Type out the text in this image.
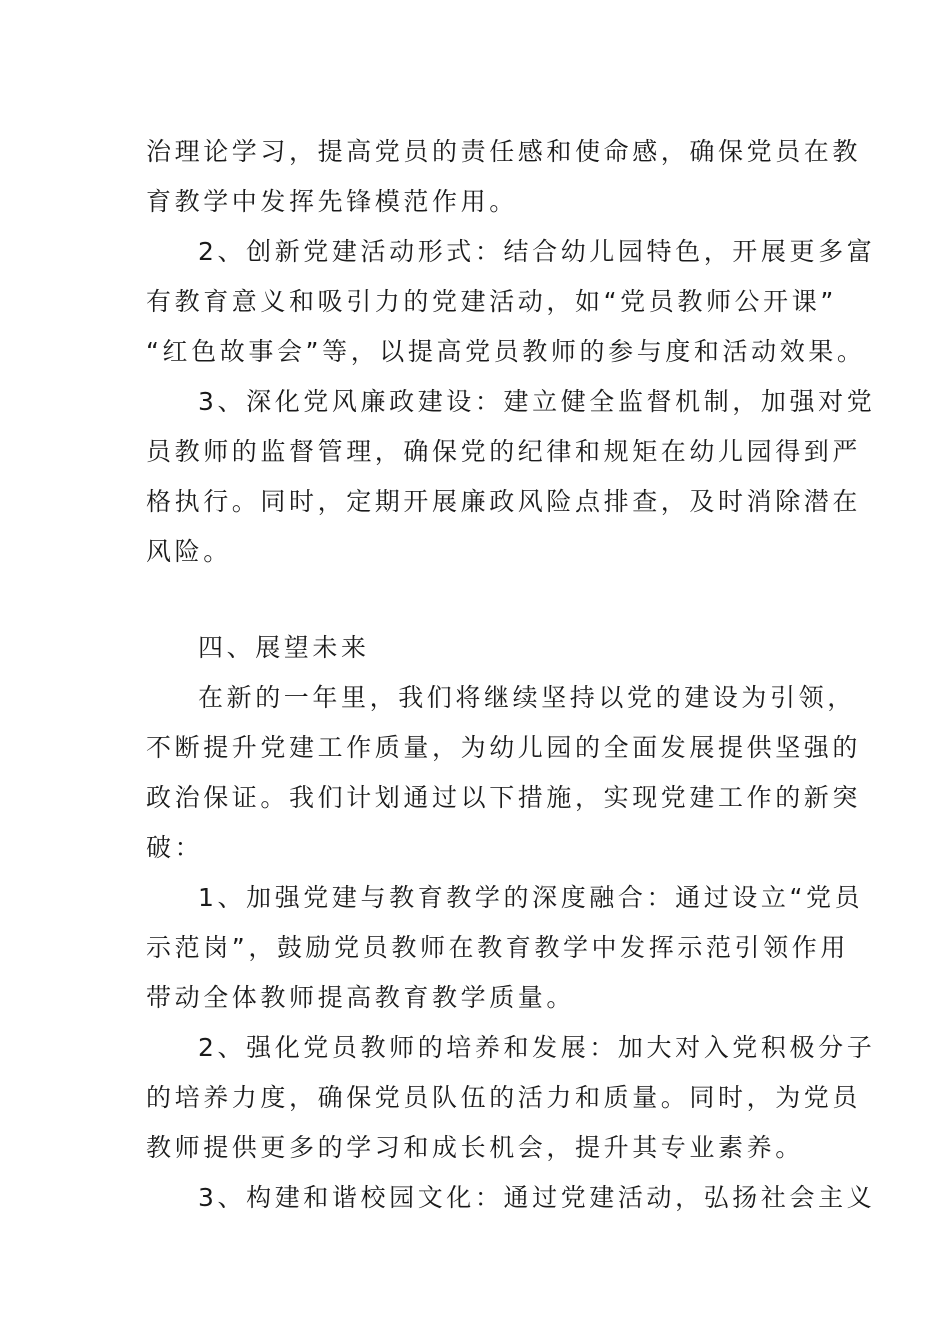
治理论学习，提高党员的责任感和使命感，确保党员在教
育教学中发挥先锋模范作用。
2、创新党建活动形式：结合幼儿园特色，开展更多富
有教育意义和吸引力的党建活动，如“党员教师公开课”
“红色故事会”等，以提高党员教师的参与度和活动效果。
3、深化党风廉政建设：建立健全监督机制，加强对党
员教师的监督管理，确保党的纪律和规矩在幼儿园得到严
格执行。同时，定期开展廉政风险点排查，及时消除潜在
风险。
四、展望未来
在新的一年里，我们将继续坚持以党的建设为引领，
不断提升党建工作质量，为幼儿园的全面发展提供坚强的
政治保证。我们计划通过以下措施，实现党建工作的新突
破：
1、加强党建与教育教学的深度融合：通过设立“党员
示范岗”，鼓励党员教师在教育教学中发挥示范引领作用
带动全体教师提高教育教学质量。
2、强化党员教师的培养和发展：加大对入党积极分子
的培养力度，确保党员队伍的活力和质量。同时，为党员
教师提供更多的学习和成长机会，提升其专业素养。
3、构建和谐校园文化：通过党建活动，弘扬社会主义
